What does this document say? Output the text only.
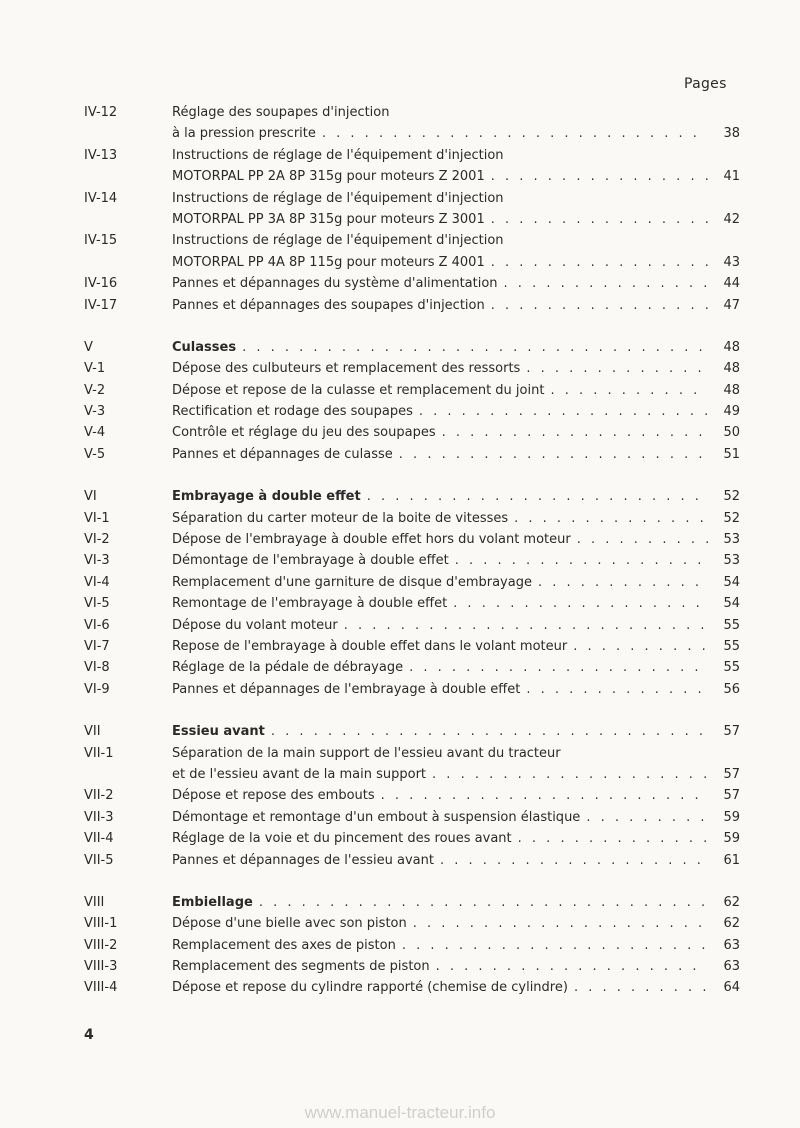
Pages
IV-12	Réglage des soupapes d'injection
à la pression prescrite . . .	38
IV-13	Instructions de réglage de l'équipement d'injection
MOTORPAL PP 2A 8P 315g pour moteurs Z 2001 . . .	41
IV-14	Instructions de réglage de l'équipement d'injection
MOTORPAL PP 3A 8P 315g pour moteurs Z 3001 . . .	42
IV-15	Instructions de réglage de l'équipement d'injection
MOTORPAL PP 4A 8P 115g pour moteurs Z 4001 . . .	43
IV-16	Pannes et dépannages du système d'alimentation . . .	44
IV-17	Pannes et dépannages des soupapes d'injection . . .	47
V	Culasses . . .	48
V-1	Dépose des culbuteurs et remplacement des ressorts . . .	48
V-2	Dépose et repose de la culasse et remplacement du joint . . .	48
V-3	Rectification et rodage des soupapes . . .	49
V-4	Contrôle et réglage du jeu des soupapes . . .	50
V-5	Pannes et dépannages de culasse . . .	51
VI	Embrayage à double effet . . .	52
VI-1	Séparation du carter moteur de la boite de vitesses . . .	52
VI-2	Dépose de l'embrayage à double effet hors du volant moteur . . .	53
VI-3	Démontage de l'embrayage à double effet . . .	53
VI-4	Remplacement d'une garniture de disque d'embrayage . . .	54
VI-5	Remontage de l'embrayage à double effet . . .	54
VI-6	Dépose du volant moteur . . .	55
VI-7	Repose de l'embrayage à double effet dans le volant moteur . . .	55
VI-8	Réglage de la pédale de débrayage . . .	55
VI-9	Pannes et dépannages de l'embrayage à double effet . . .	56
VII	Essieu avant . . .	57
VII-1	Séparation de la main support de l'essieu avant du tracteur
et de l'essieu avant de la main support . . .	57
VII-2	Dépose et repose des embouts . . .	57
VII-3	Démontage et remontage d'un embout à suspension élastique . . .	59
VII-4	Réglage de la voie et du pincement des roues avant . . .	59
VII-5	Pannes et dépannages de l'essieu avant . . .	61
VIII	Embiellage . . .	62
VIII-1	Dépose d'une bielle avec son piston . . .	62
VIII-2	Remplacement des axes de piston . . .	63
VIII-3	Remplacement des segments de piston . . .	63
VIII-4	Dépose et repose du cylindre rapporté (chemise de cylindre) . . .	64
4
www.manuel-tracteur.info
